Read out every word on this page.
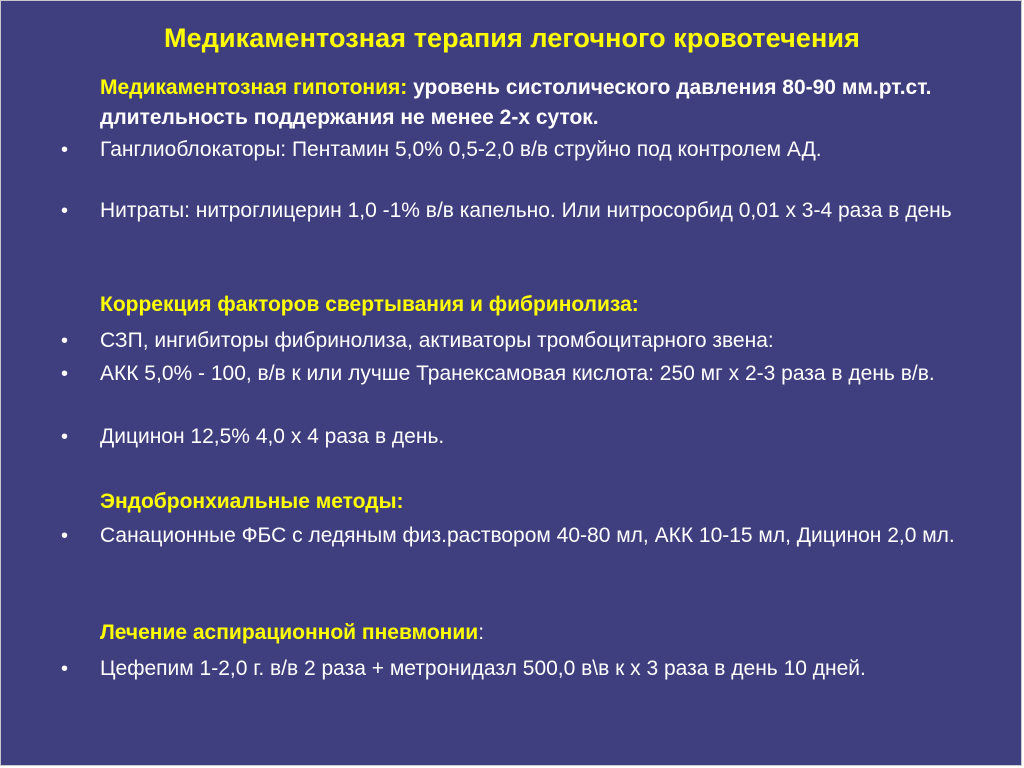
Медикаментозная терапия легочного кровотечения
Медикаментозная гипотония: уровень систолического давления 80-90 мм.рт.ст. длительность поддержания не менее 2-х суток.
• Ганглиоблокаторы: Пентамин 5,0% 0,5-2,0 в/в струйно под контролем АД.
• Нитраты: нитроглицерин 1,0 -1% в/в капельно. Или нитросорбид 0,01 х 3-4 раза в день
Коррекция факторов свертывания и фибринолиза:
• СЗП, ингибиторы фибринолиза, активаторы тромбоцитарного звена:
• АКК 5,0% - 100, в/в к или лучше Транексамовая кислота: 250 мг х 2-3 раза в день в/в.
• Дицинон 12,5% 4,0 х 4 раза в день.
Эндобронхиальные методы:
• Санационные ФБС с ледяным физ.раствором 40-80 мл, АКК 10-15 мл, Дицинон 2,0 мл.
Лечение аспирационной пневмонии:
• Цефепим 1-2,0 г. в/в 2 раза + метронидазл 500,0 в\в к х 3 раза в день 10 дней.
